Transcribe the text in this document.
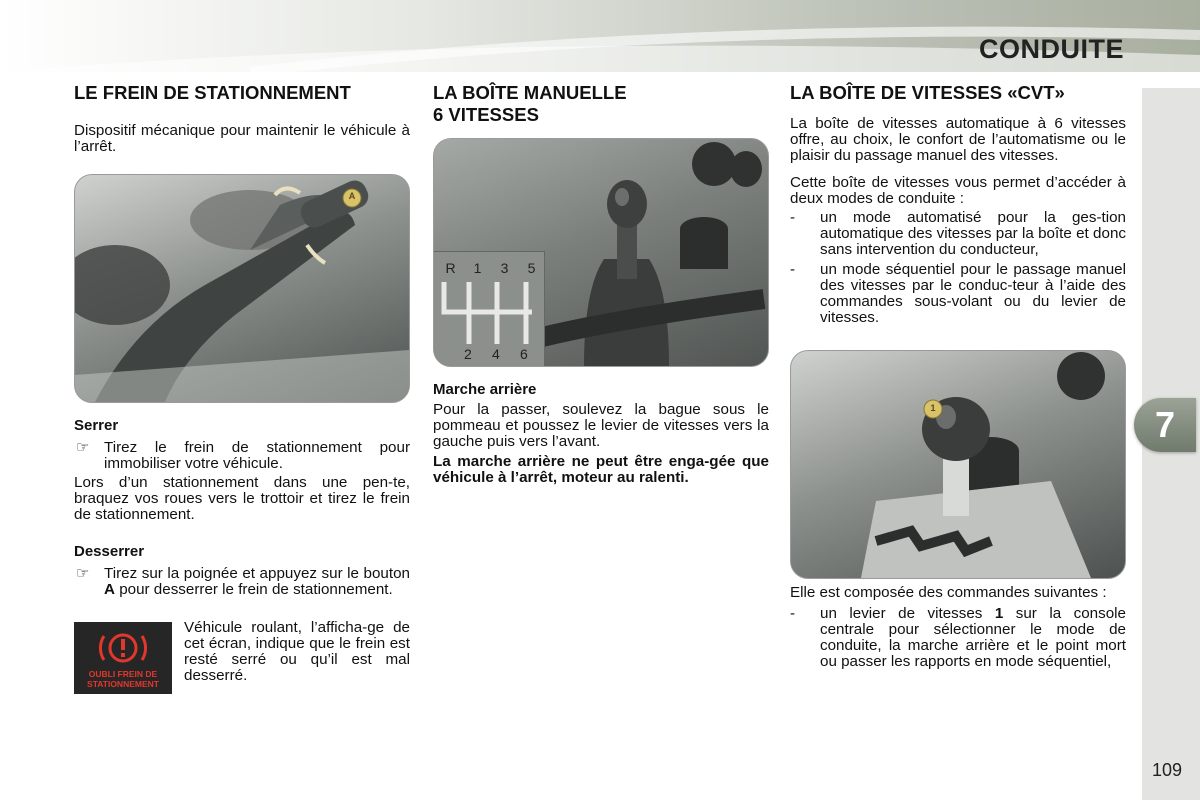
CONDUITE
7
109
LE FREIN DE STATIONNEMENT

Dispositif mécanique pour maintenir le véhicule à l’arrêt.

A
Serrer
☞ Tirez le frein de stationnement pour immobiliser votre véhicule.

Lors d’un stationnement dans une pen-te, braquez vos roues vers le trottoir et tirez le frein de stationnement.

Desserrer
☞ Tirez sur la poignée et appuyez sur le bouton A pour desserrer le frein de stationnement.
OUBLI FREIN DE
STATIONNEMENT

Véhicule roulant, l’afficha-ge de cet écran, indique que le frein est resté serré ou qu’il est mal desserré.

LA BOÎTE MANUELLE
6 VITESSES
R	1	3	5
2	4	6
Marche arrière

Pour la passer, soulevez la bague sous le pommeau et poussez le levier de vitesses vers la gauche puis vers l’avant.

La marche arrière ne peut être enga-gée que véhicule à l’arrêt, moteur au ralenti.

LA BOÎTE DE VITESSES «CVT»

La boîte de vitesses automatique à 6 vitesses offre, au choix, le confort de l’automatisme ou le plaisir du passage manuel des vitesses.

Cette boîte de vitesses vous permet d’accéder à deux modes de conduite :

- un mode automatisé pour la ges-tion automatique des vitesses par la boîte et donc sans intervention du conducteur,
- un mode séquentiel pour le passage manuel des vitesses par le conduc-teur à l’aide des commandes sous-volant ou du levier de vitesses.
1

Elle est composée des commandes suivantes :

- un levier de vitesses 1 sur la console centrale pour sélectionner le mode de conduite, la marche arrière et le point mort ou passer les rapports en mode séquentiel,
